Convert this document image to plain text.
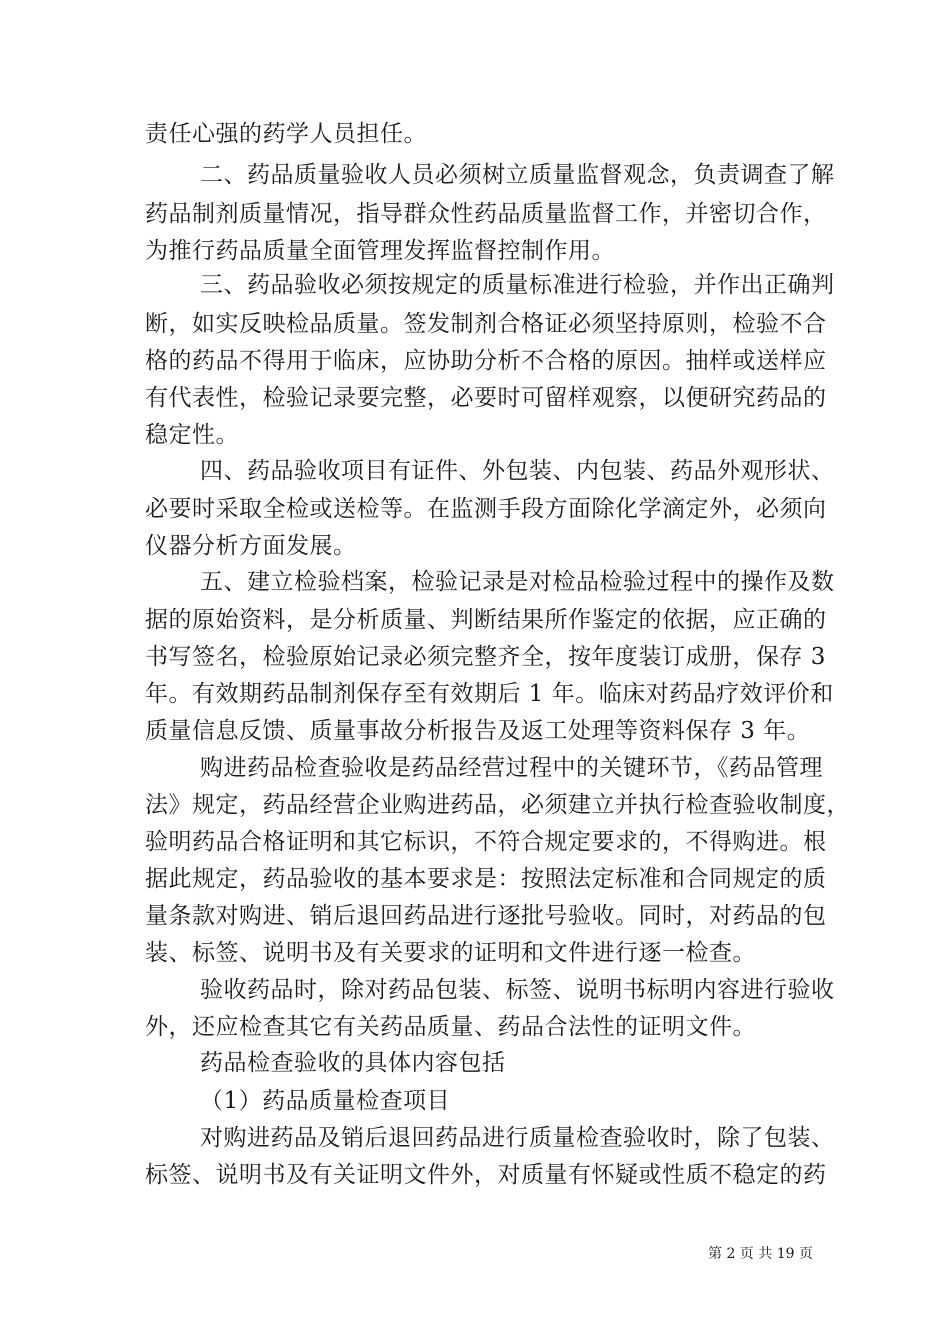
责任心强的药学人员担任。
二、药品质量验收人员必须树立质量监督观念，负责调查了解
药品制剂质量情况，指导群众性药品质量监督工作，并密切合作，
为推行药品质量全面管理发挥监督控制作用。
三、药品验收必须按规定的质量标准进行检验，并作出正确判
断，如实反映检品质量。签发制剂合格证必须坚持原则，检验不合
格的药品不得用于临床，应协助分析不合格的原因。抽样或送样应
有代表性，检验记录要完整，必要时可留样观察，以便研究药品的
稳定性。
四、药品验收项目有证件、外包装、内包装、药品外观形状、
必要时采取全检或送检等。在监测手段方面除化学滴定外，必须向
仪器分析方面发展。
五、建立检验档案，检验记录是对检品检验过程中的操作及数
据的原始资料，是分析质量、判断结果所作鉴定的依据，应正确的
书写签名，检验原始记录必须完整齐全，按年度装订成册，保存 3
年。有效期药品制剂保存至有效期后 1 年。临床对药品疗效评价和
质量信息反馈、质量事故分析报告及返工处理等资料保存 3 年。
购进药品检查验收是药品经营过程中的关键环节，《药品管理
法》规定，药品经营企业购进药品，必须建立并执行检查验收制度，
验明药品合格证明和其它标识，不符合规定要求的，不得购进。根
据此规定，药品验收的基本要求是：按照法定标准和合同规定的质
量条款对购进、销后退回药品进行逐批号验收。同时，对药品的包
装、标签、说明书及有关要求的证明和文件进行逐一检查。
验收药品时，除对药品包装、标签、说明书标明内容进行验收
外，还应检查其它有关药品质量、药品合法性的证明文件。
药品检查验收的具体内容包括
（1）药品质量检查项目
对购进药品及销后退回药品进行质量检查验收时，除了包装、
标签、说明书及有关证明文件外，对质量有怀疑或性质不稳定的药
第 2 页 共 19 页
